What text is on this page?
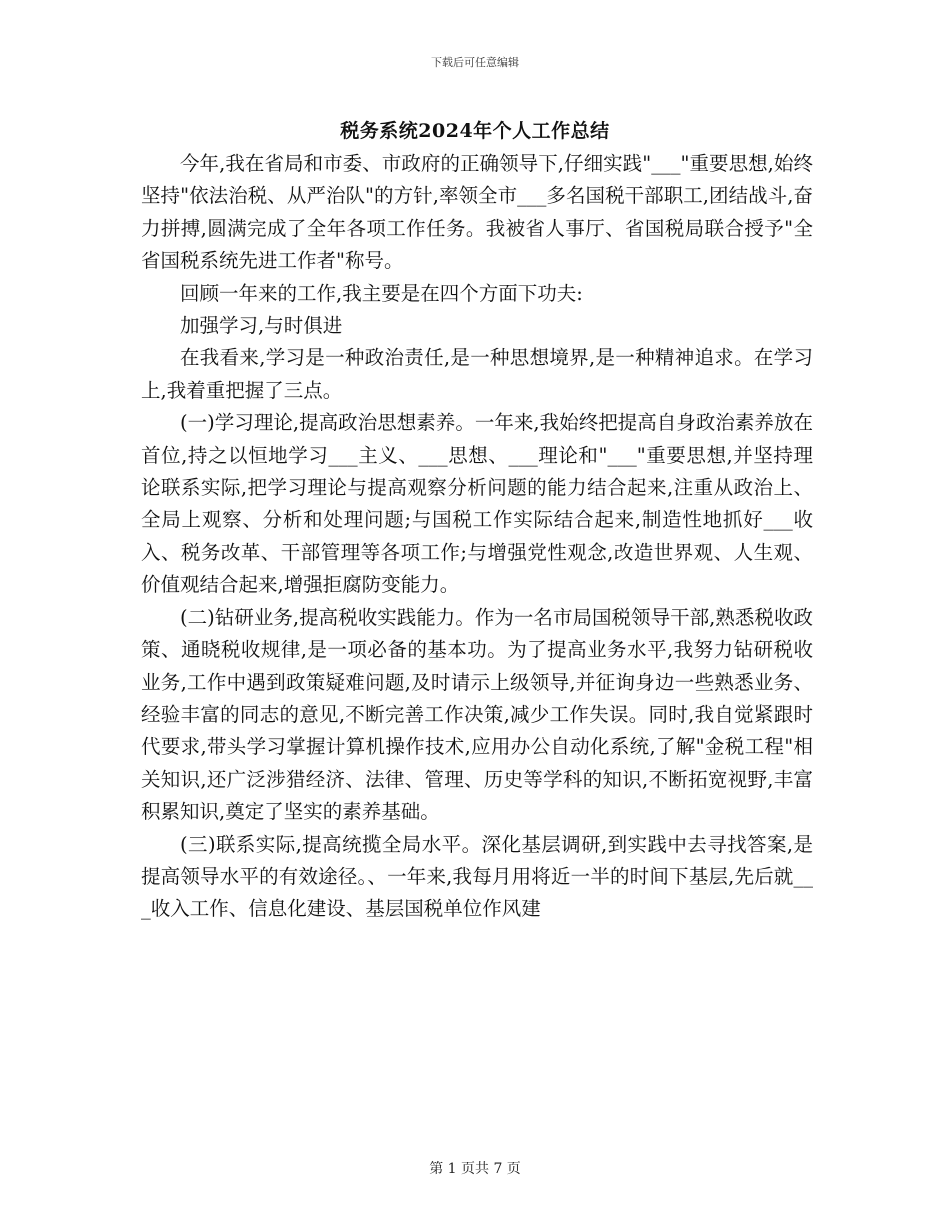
下载后可任意编辑
税务系统2024年个人工作总结

今年,我在省局和市委、市政府的正确领导下,仔细实践"___"重要思想,始终坚持"依法治税、从严治队"的方针,率领全市___多名国税干部职工,团结战斗,奋力拼搏,圆满完成了全年各项工作任务。我被省人事厅、省国税局联合授予"全省国税系统先进工作者"称号。

回顾一年来的工作,我主要是在四个方面下功夫:

加强学习,与时俱进

在我看来,学习是一种政治责任,是一种思想境界,是一种精神追求。在学习上,我着重把握了三点。

(一)学习理论,提高政治思想素养。一年来,我始终把提高自身政治素养放在首位,持之以恒地学习___主义、___思想、___理论和"___"重要思想,并坚持理论联系实际,把学习理论与提高观察分析问题的能力结合起来,注重从政治上、全局上观察、分析和处理问题;与国税工作实际结合起来,制造性地抓好___收入、税务改革、干部管理等各项工作;与增强党性观念,改造世界观、人生观、价值观结合起来,增强拒腐防变能力。

(二)钻研业务,提高税收实践能力。作为一名市局国税领导干部,熟悉税收政策、通晓税收规律,是一项必备的基本功。为了提高业务水平,我努力钻研税收业务,工作中遇到政策疑难问题,及时请示上级领导,并征询身边一些熟悉业务、经验丰富的同志的意见,不断完善工作决策,减少工作失误。同时,我自觉紧跟时代要求,带头学习掌握计算机操作技术,应用办公自动化系统,了解"金税工程"相关知识,还广泛涉猎经济、法律、管理、历史等学科的知识,不断拓宽视野,丰富积累知识,奠定了坚实的素养基础。

(三)联系实际,提高统揽全局水平。深化基层调研,到实践中去寻找答案,是提高领导水平的有效途径。、一年来,我每月用将近一半的时间下基层,先后就___收入工作、信息化建设、基层国税单位作风建

第 1 页共 7 页
